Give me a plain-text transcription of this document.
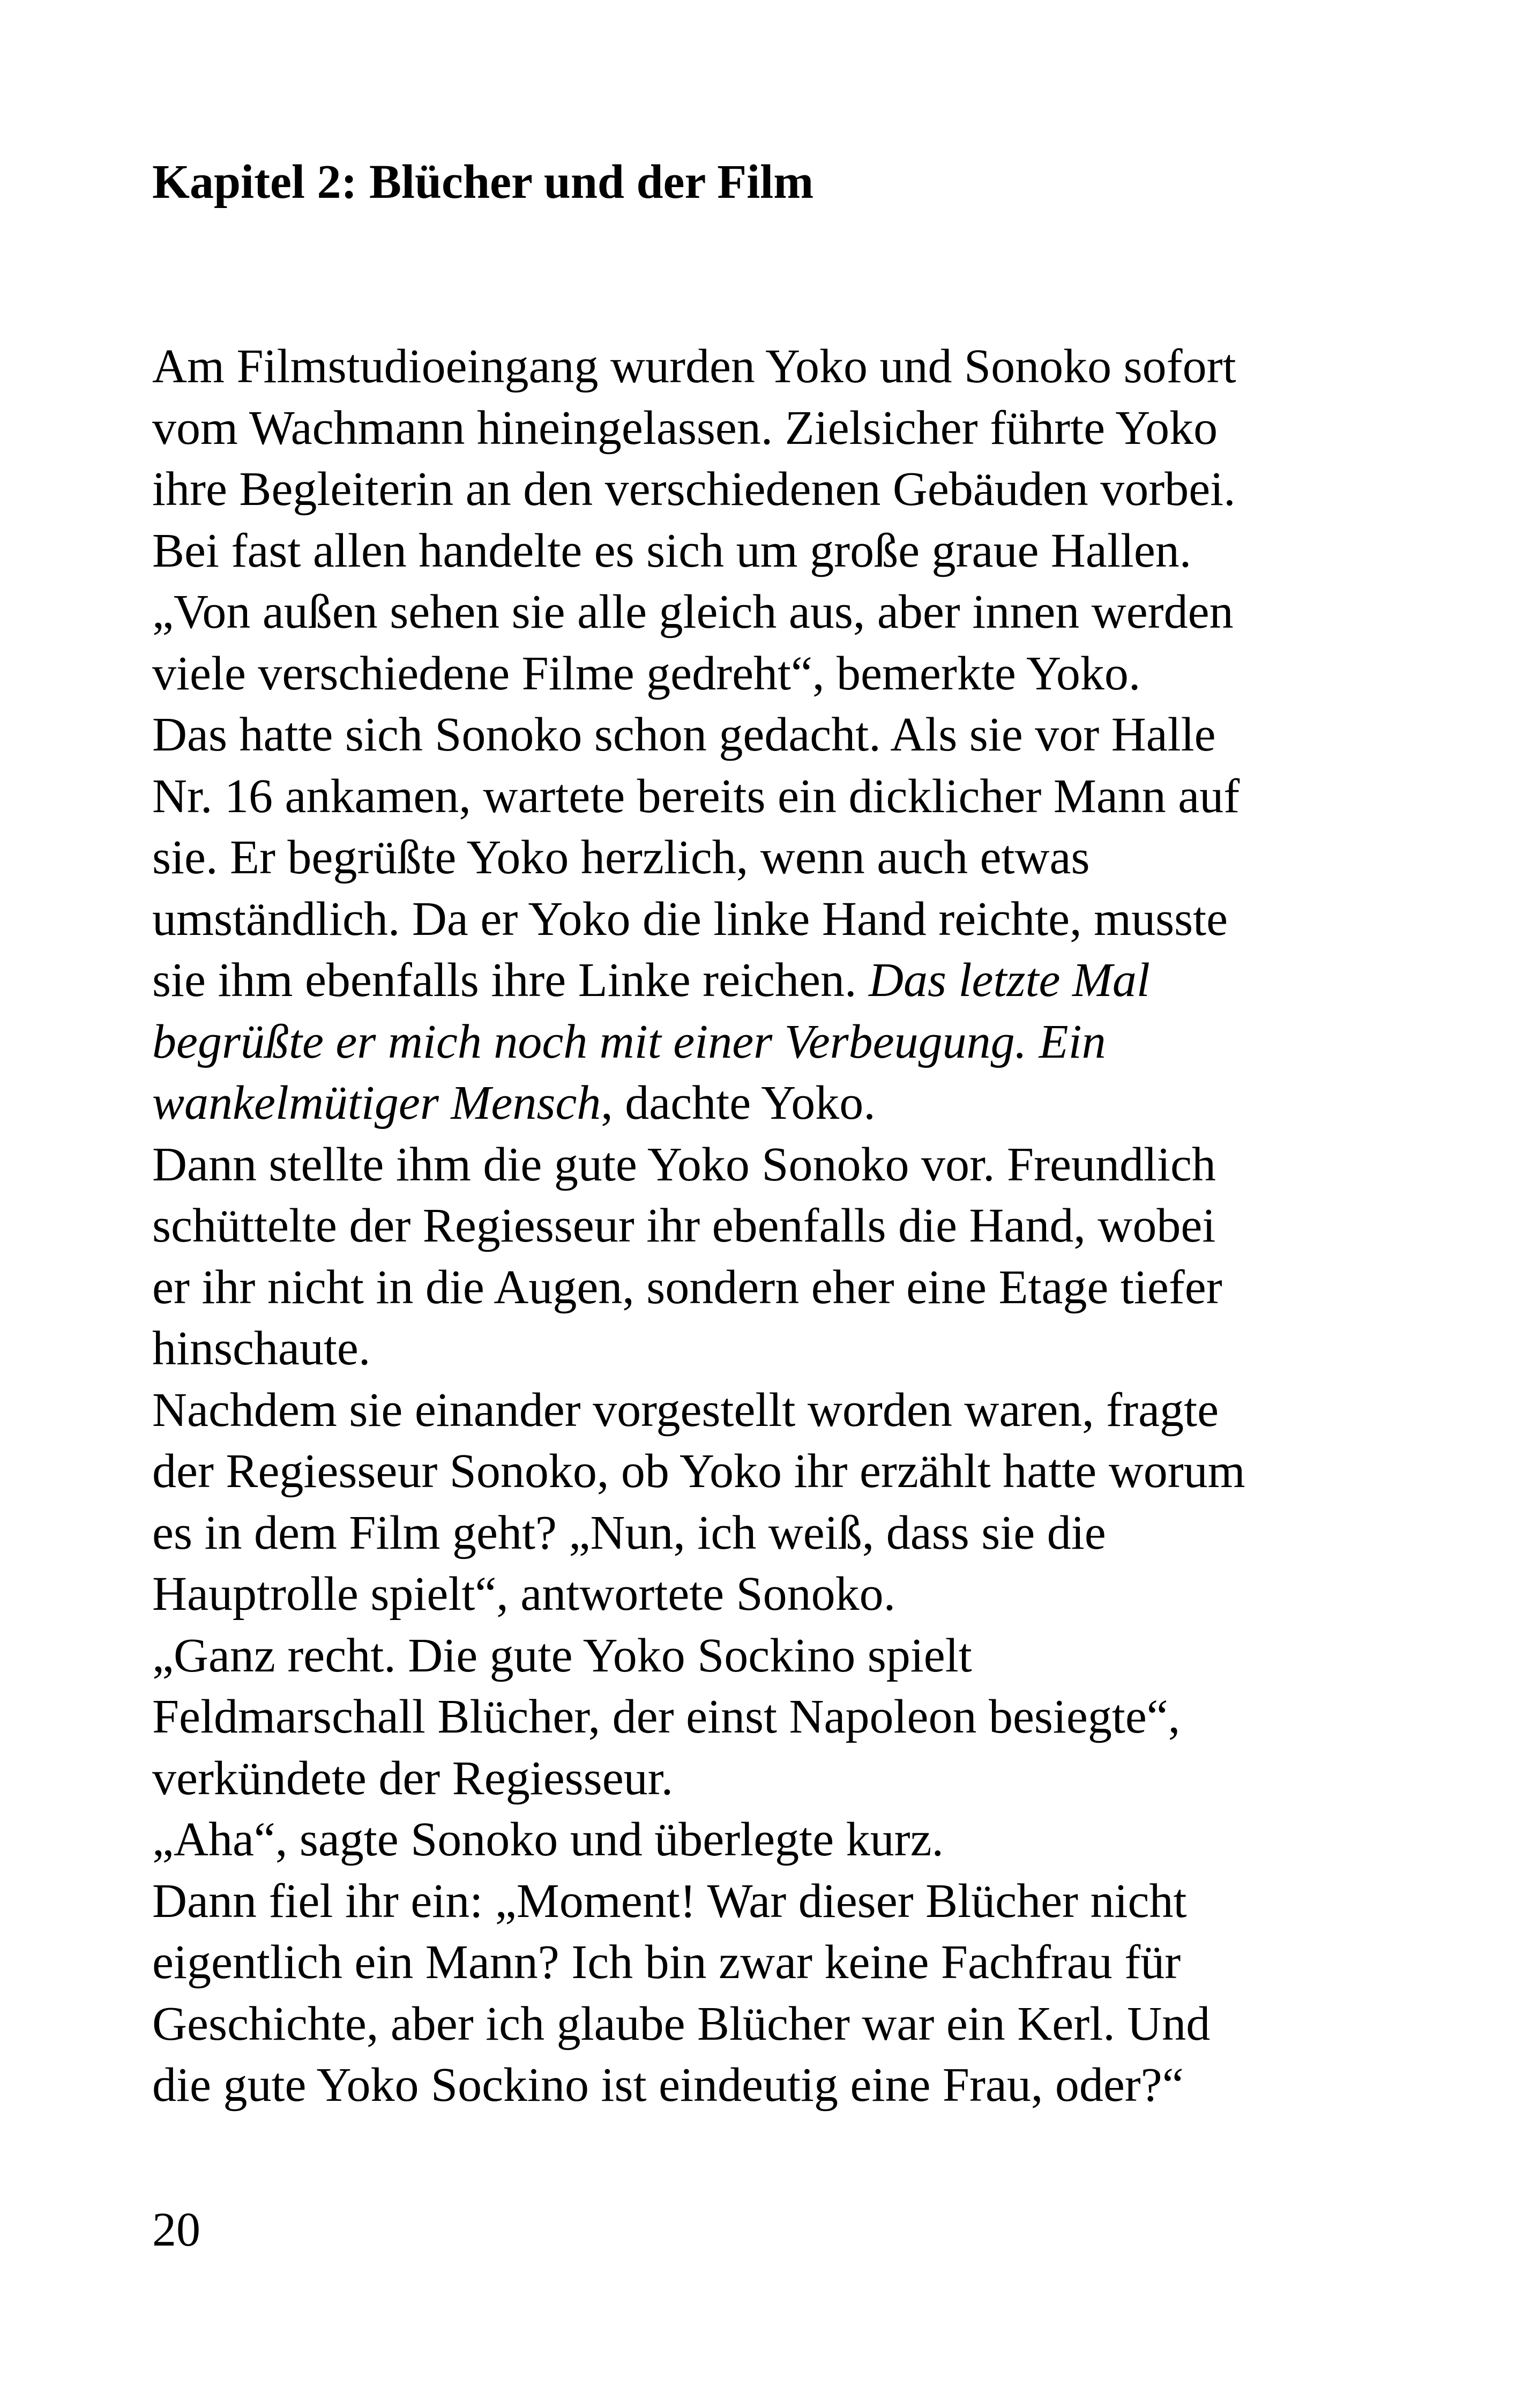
Kapitel 2: Blücher und der Film
Am Filmstudioeingang wurden Yoko und Sonoko sofort
vom Wachmann hineingelassen. Zielsicher führte Yoko
ihre Begleiterin an den verschiedenen Gebäuden vorbei.
Bei fast allen handelte es sich um große graue Hallen.
„Von außen sehen sie alle gleich aus, aber innen werden
viele verschiedene Filme gedreht“, bemerkte Yoko.
Das hatte sich Sonoko schon gedacht. Als sie vor Halle
Nr. 16 ankamen, wartete bereits ein dicklicher Mann auf
sie. Er begrüßte Yoko herzlich, wenn auch etwas
umständlich. Da er Yoko die linke Hand reichte, musste
sie ihm ebenfalls ihre Linke reichen. Das letzte Mal
begrüßte er mich noch mit einer Verbeugung. Ein
wankelmütiger Mensch, dachte Yoko.
Dann stellte ihm die gute Yoko Sonoko vor. Freundlich
schüttelte der Regiesseur ihr ebenfalls die Hand, wobei
er ihr nicht in die Augen, sondern eher eine Etage tiefer
hinschaute.
Nachdem sie einander vorgestellt worden waren, fragte
der Regiesseur Sonoko, ob Yoko ihr erzählt hatte worum
es in dem Film geht? „Nun, ich weiß, dass sie die
Hauptrolle spielt“, antwortete Sonoko.
„Ganz recht. Die gute Yoko Sockino spielt
Feldmarschall Blücher, der einst Napoleon besiegte“,
verkündete der Regiesseur.
„Aha“, sagte Sonoko und überlegte kurz.
Dann fiel ihr ein: „Moment! War dieser Blücher nicht
eigentlich ein Mann? Ich bin zwar keine Fachfrau für
Geschichte, aber ich glaube Blücher war ein Kerl. Und
die gute Yoko Sockino ist eindeutig eine Frau, oder?“
20
